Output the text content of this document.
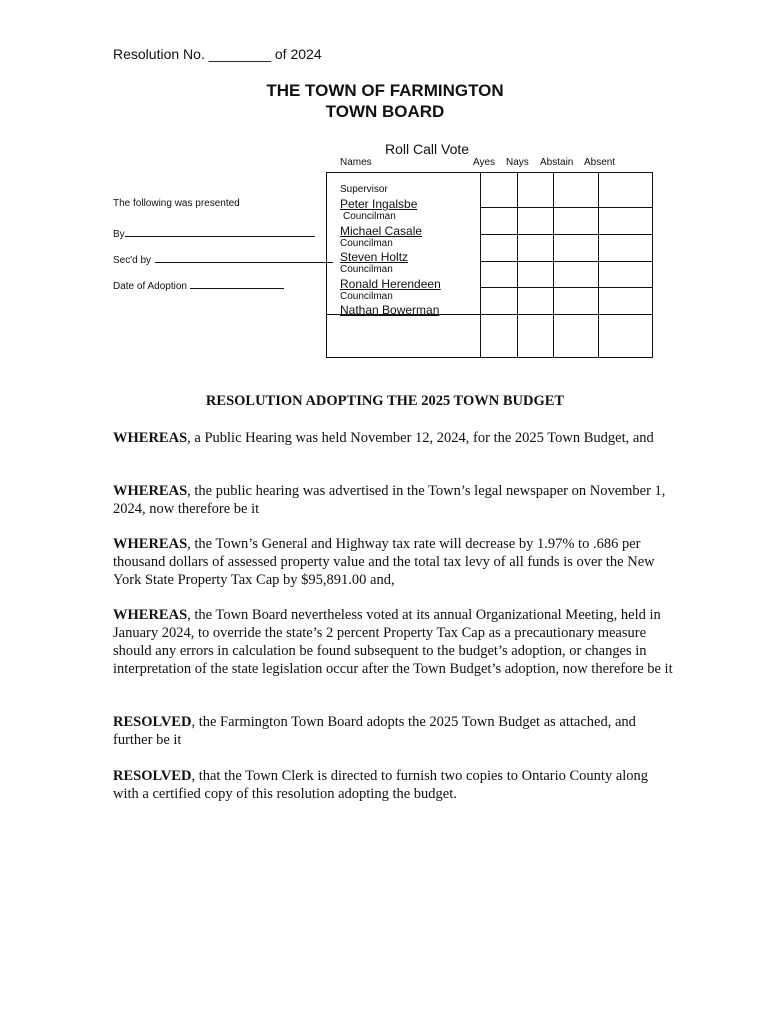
Resolution No. ________ of 2024
THE TOWN OF FARMINGTON
TOWN BOARD
Roll Call Vote
Names	Ayes Nays Abstain Absent
The following was presented
By
Sec'd by
Date of Adoption
Supervisor
Peter Ingalsbe
Councilman
Michael Casale
Councilman
Steven Holtz
Councilman
Ronald Herendeen
Councilman
Nathan Bowerman
RESOLUTION ADOPTING THE 2025 TOWN BUDGET
WHEREAS, a Public Hearing was held November 12, 2024, for the 2025 Town Budget, and
WHEREAS, the public hearing was advertised in the Town’s legal newspaper on November 1, 2024, now therefore be it
WHEREAS, the Town’s General and Highway tax rate will decrease by 1.97% to .686 per thousand dollars of assessed property value and the total tax levy of all funds is over the New York State Property Tax Cap by $95,891.00 and,
WHEREAS, the Town Board nevertheless voted at its annual Organizational Meeting, held in January 2024, to override the state’s 2 percent Property Tax Cap as a precautionary measure should any errors in calculation be found subsequent to the budget’s adoption, or changes in interpretation of the state legislation occur after the Town Budget’s adoption, now therefore be it
RESOLVED, the Farmington Town Board adopts the 2025 Town Budget as attached, and further be it
RESOLVED, that the Town Clerk is directed to furnish two copies to Ontario County along with a certified copy of this resolution adopting the budget.
